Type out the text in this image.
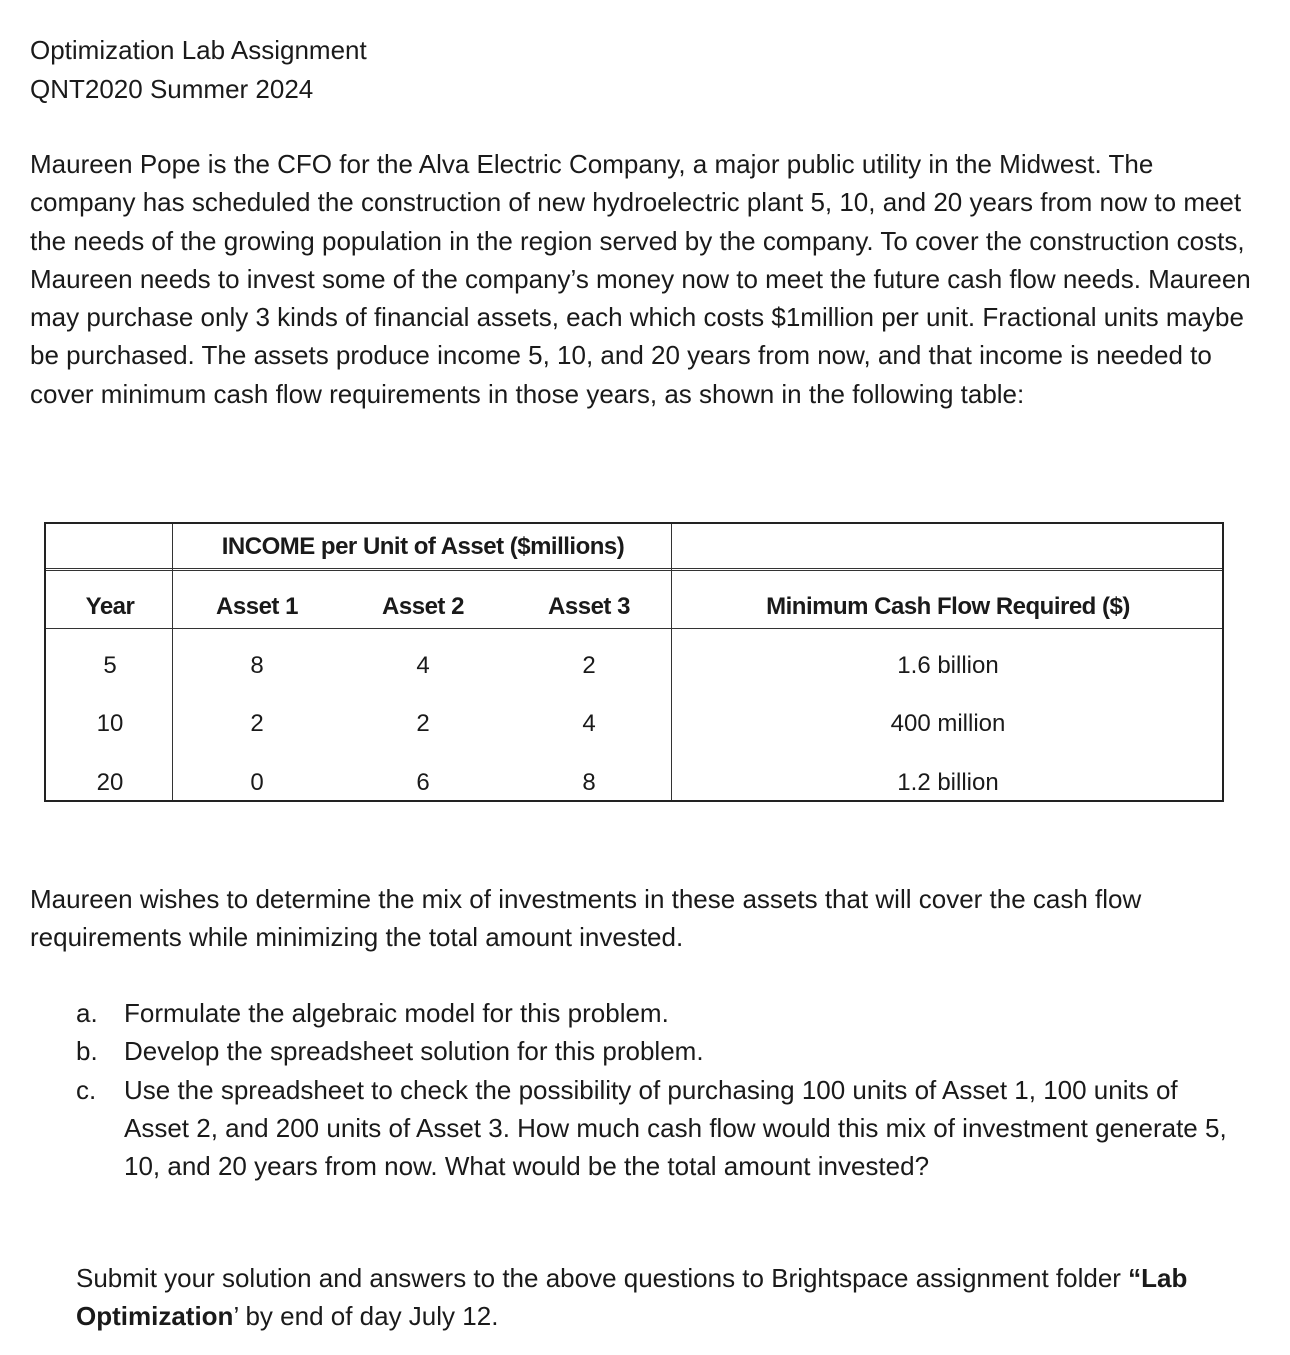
Optimization Lab Assignment
QNT2020 Summer 2024

Maureen Pope is the CFO for the Alva Electric Company, a major public utility in the Midwest. The company has scheduled the construction of new hydroelectric plant 5, 10, and 20 years from now to meet the needs of the growing population in the region served by the company. To cover the construction costs, Maureen needs to invest some of the company’s money now to meet the future cash flow needs. Maureen may purchase only 3 kinds of financial assets, each which costs $1million per unit. Fractional units maybe be purchased. The assets produce income 5, 10, and 20 years from now, and that income is needed to cover minimum cash flow requirements in those years, as shown in the following table:

INCOME per Unit of Asset ($millions)
Year	Asset 1	Asset 2	Asset 3	Minimum Cash Flow Required ($)
5	8	4	2	1.6 billion
10	2	2	4	400 million
20	0	6	8	1.2 billion

Maureen wishes to determine the mix of investments in these assets that will cover the cash flow requirements while minimizing the total amount invested.

a. Formulate the algebraic model for this problem.
b. Develop the spreadsheet solution for this problem.
c. Use the spreadsheet to check the possibility of purchasing 100 units of Asset 1, 100 units of Asset 2, and 200 units of Asset 3. How much cash flow would this mix of investment generate 5, 10, and 20 years from now. What would be the total amount invested?

Submit your solution and answers to the above questions to Brightspace assignment folder “Lab Optimization’ by end of day July 12.
